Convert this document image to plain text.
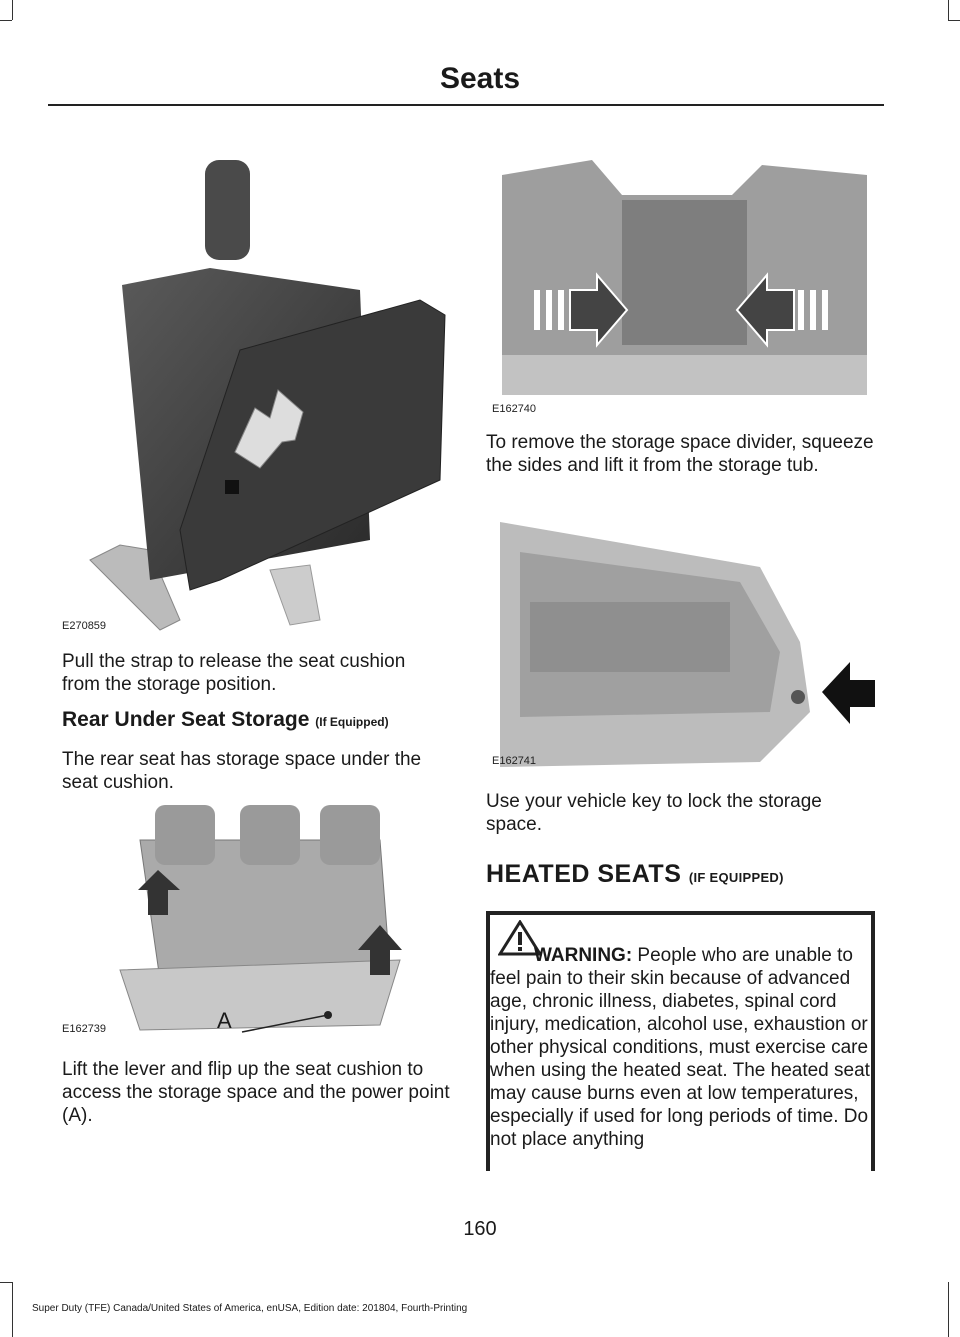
Seats
E270859

Pull the strap to release the seat cushion from the storage position.

Rear Under Seat Storage (If Equipped)

The rear seat has storage space under the seat cushion.

E162739	A

Lift the lever and flip up the seat cushion to access the storage space and the power point (A).

E162740

To remove the storage space divider, squeeze the sides and lift it from the storage tub.

E162741

Use your vehicle key to lock the storage space.

HEATED SEATS (IF EQUIPPED)

WARNING: People who are unable to feel pain to their skin because of advanced age, chronic illness, diabetes, spinal cord injury, medication, alcohol use, exhaustion or other physical conditions, must exercise care when using the heated seat. The heated seat may cause burns even at low temperatures, especially if used for long periods of time. Do not place anything

160
Super Duty (TFE) Canada/United States of America, enUSA, Edition date: 201804, Fourth-Printing
